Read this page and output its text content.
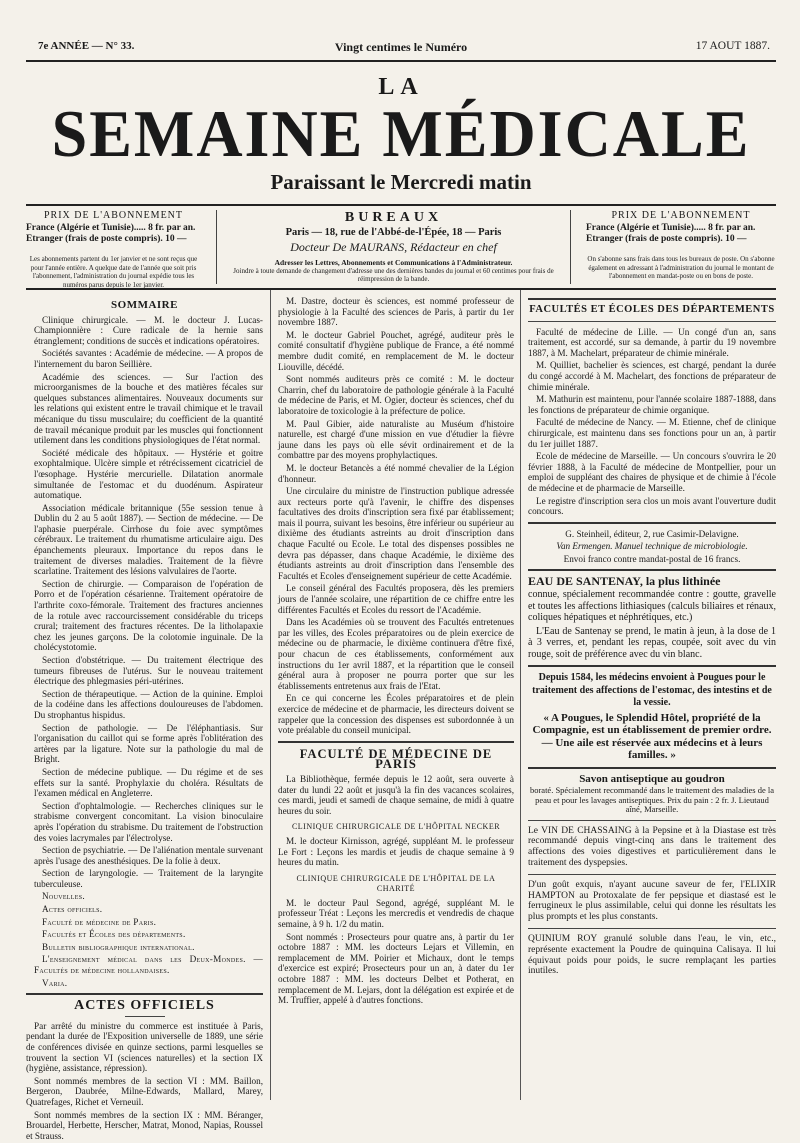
7e ANNÉE — N° 33.	Vingt centimes le Numéro	17 AOUT 1887.
LA
SEMAINE MÉDICALE
Paraissant le Mercredi matin
PRIX DE L'ABONNEMENT
France (Algérie et Tunisie)..... 8 fr. par an.
Etranger (frais de poste compris). 10 —
Les abonnements partent du 1er janvier et ne sont reçus que pour l'année entière. A quelque date de l'année que soit pris l'abonnement, l'administration du journal expédie tous les numéros parus depuis le 1er janvier.
BUREAUX
Paris — 18, rue de l'Abbé-de-l'Épée, 18 — Paris
Docteur De MAURANS, Rédacteur en chef
Adresser les Lettres, Abonnements et Communications à l'Administrateur.
Joindre à toute demande de changement d'adresse une des dernières bandes du journal et 60 centimes pour frais de réimpression de la bande.
PRIX DE L'ABONNEMENT
France (Algérie et Tunisie)..... 8 fr. par an.
Etranger (frais de poste compris). 10 —
On s'abonne sans frais dans tous les bureaux de poste. On s'abonne également en adressant à l'administration du journal le montant de l'abonnement en mandat-poste ou en bons de poste.
SOMMAIRE

Clinique chirurgicale. — M. le docteur J. Lucas-Championnière : Cure radicale de la hernie sans étranglement; conditions de succès et indications opératoires.

Sociétés savantes : Académie de médecine. — A propos de l'internement du baron Seillière.

Académie des sciences. — Sur l'action des microorganismes de la bouche et des matières fécales sur quelques substances alimentaires. Nouveaux documents sur les relations qui existent entre le travail chimique et le travail mécanique du tissu musculaire; du coefficient de la quantité de travail mécanique produit par les muscles qui fonctionnent utilement dans les conditions physiologiques de l'état normal.

Société médicale des hôpitaux. — Hystérie et goitre exophtalmique. Ulcère simple et rétrécissement cicatriciel de l'œsophage. Hystérie mercurielle. Dilatation anormale simultanée de l'estomac et du duodénum. Aspirateur automatique.

Association médicale britannique (55e session tenue à Dublin du 2 au 5 août 1887). — Section de médecine. — De l'aphasie puerpérale. Cirrhose du foie avec symptômes cérébraux. Le traitement du rhumatisme articulaire aigu. Des épanchements pleuraux. Importance du repos dans le traitement de diverses maladies. Traitement de la fièvre scarlatine. Traitement des lésions valvulaires de l'aorte.

Section de chirurgie. — Comparaison de l'opération de Porro et de l'opération césarienne. Traitement opératoire de l'arthrite coxo-fémorale. Traitement des fractures anciennes de la rotule avec raccourcissement considérable du triceps crural; traitement des fractures récentes. De la litholapaxie chez les jeunes garçons. De la colotomie inguinale. De la cholécystotomie.

Section d'obstétrique. — Du traitement électrique des tumeurs fibreuses de l'utérus. Sur le nouveau traitement électrique des phlegmasies péri-utérines.

Section de thérapeutique. — Action de la quinine. Emploi de la codéine dans les affections douloureuses de l'abdomen. Du strophantus hispidus.

Section de pathologie. — De l'éléphantiasis. Sur l'organisation du caillot qui se forme après l'oblitération des artères par la ligature. Note sur la pathologie du mal de Bright.

Section de médecine publique. — Du régime et de ses effets sur la santé. Prophylaxie du choléra. Résultats de l'examen médical en Angleterre.

Section d'ophtalmologie. — Recherches cliniques sur le strabisme convergent concomitant. La vision binoculaire après l'opération du strabisme. Du traitement de l'obstruction des voies lacrymales par l'électrolyse.

Section de psychiatrie. — De l'aliénation mentale survenant après l'usage des anesthésiques. De la folie à deux.

Section de laryngologie. — Traitement de la laryngite tuberculeuse.

Nouvelles.

Actes officiels.

Faculté de médecine de Paris.

Facultés et Écoles des départements.

Bulletin bibliographique international.

L'enseignement médical dans les Deux-Mondes. — Facultés de médecine hollandaises.

Varia.

ACTES OFFICIELS

Par arrêté du ministre du commerce est instituée à Paris, pendant la durée de l'Exposition universelle de 1889, une série de conférences divisée en quinze sections, parmi lesquelles se trouvent la section VI (sciences naturelles) et la section IX (hygiène, assistance, répression).

Sont nommés membres de la section VI : MM. Baillon, Bergeron, Daubrée, Milne-Edwards, Mallard, Marey, Quatrefages, Richet et Verneuil.

Sont nommés membres de la section IX : MM. Béranger, Brouardel, Herbette, Herscher, Matrat, Monod, Napias, Roussel et Strauss.

M. Dastre, docteur ès sciences, est nommé professeur de physiologie à la Faculté des sciences de Paris, à partir du 1er novembre 1887.

M. le docteur Gabriel Pouchet, agrégé, auditeur près le comité consultatif d'hygiène publique de France, a été nommé membre dudit comité, en remplacement de M. le docteur Liouville, décédé.

Sont nommés auditeurs près ce comité : M. le docteur Charrin, chef du laboratoire de pathologie générale à la Faculté de médecine de Paris, et M. Ogier, docteur ès sciences, chef du laboratoire de toxicologie à la préfecture de police.

M. Paul Gibier, aide naturaliste au Muséum d'histoire naturelle, est chargé d'une mission en vue d'étudier la fièvre jaune dans les pays où elle sévit ordinairement et de la combattre par des moyens prophylactiques.

M. le docteur Betancès a été nommé chevalier de la Légion d'honneur.

Une circulaire du ministre de l'instruction publique adressée aux recteurs porte qu'à l'avenir, le chiffre des dispenses facultatives des droits d'inscription sera fixé par établissement; mais il pourra, suivant les besoins, être inférieur ou supérieur au dixième des étudiants astreints au droit d'inscription dans chaque Faculté ou Ecole. Le total des dispenses possibles ne devra pas dépasser, dans chaque Académie, le dixième des étudiants astreints au droit d'inscription dans l'ensemble des Facultés et Ecoles d'enseignement supérieur de cette Académie.

Le conseil général des Facultés proposera, dès les premiers jours de l'année scolaire, une répartition de ce chiffre entre les différentes Facultés et Ecoles du ressort de l'Académie.

Dans les Académies où se trouvent des Facultés entretenues par les villes, des Ecoles préparatoires ou de plein exercice de médecine ou de pharmacie, le dixième continuera d'être fixé, pour chacun de ces établissements, conformément aux instructions du 1er avril 1887, et la répartition que le conseil général aura à proposer ne pourra porter que sur les établissements entretenus aux frais de l'Etat.

En ce qui concerne les Écoles préparatoires et de plein exercice de médecine et de pharmacie, les directeurs doivent se rappeler que la concession des dispenses est subordonnée à un vote préalable du conseil municipal.

FACULTÉ DE MÉDECINE DE PARIS

La Bibliothèque, fermée depuis le 12 août, sera ouverte à dater du lundi 22 août et jusqu'à la fin des vacances scolaires, ces mardi, jeudi et samedi de chaque semaine, de midi à quatre heures du soir.

CLINIQUE CHIRURGICALE DE L'HÔPITAL NECKER

M. le docteur Kirnisson, agrégé, suppléant M. le professeur Le Fort : Leçons les mardis et jeudis de chaque semaine à 9 heures du matin.

CLINIQUE CHIRURGICALE DE L'HÔPITAL DE LA CHARITÉ

M. le docteur Paul Segond, agrégé, suppléant M. le professeur Tréat : Leçons les mercredis et vendredis de chaque semaine, à 9 h. 1/2 du matin.

Sont nommés : Prosecteurs pour quatre ans, à partir du 1er octobre 1887 : MM. les docteurs Lejars et Villemin, en remplacement de MM. Poirier et Michaux, dont le temps d'exercice est expiré; Prosecteurs pour un an, à dater du 1er octobre 1887 : MM. les docteurs Delbet et Potherat, en remplacement de M. Lejars, dont la délégation est expirée et de M. Truffier, appelé à d'autres fonctions.

FACULTÉS ET ÉCOLES DES DÉPARTEMENTS

Faculté de médecine de Lille. — Un congé d'un an, sans traitement, est accordé, sur sa demande, à partir du 19 novembre 1887, à M. Machelart, préparateur de chimie minérale.

M. Quilliet, bachelier ès sciences, est chargé, pendant la durée du congé accordé à M. Machelart, des fonctions de préparateur de chimie minérale.

M. Mathurin est maintenu, pour l'année scolaire 1887-1888, dans les fonctions de préparateur de chimie organique.

Faculté de médecine de Nancy. — M. Etienne, chef de clinique chirurgicale, est maintenu dans ses fonctions pour un an, à partir du 1er juillet 1887.

Ecole de médecine de Marseille. — Un concours s'ouvrira le 20 février 1888, à la Faculté de médecine de Montpellier, pour un emploi de suppléant des chaires de physique et de chimie à l'école de médecine et de pharmacie de Marseille.

Le registre d'inscription sera clos un mois avant l'ouverture dudit concours.

G. Steinheil, éditeur, 2, rue Casimir-Delavigne.

Van Ermengen. Manuel technique de microbiologie.

Envoi franco contre mandat-postal de 16 francs.

EAU DE SANTENAY, la plus lithinée

connue, spécialement recommandée contre : goutte, gravelle et toutes les affections lithiasiques (calculs biliaires et rénaux, coliques hépatiques et néphrétiques, etc.)

L'Eau de Santenay se prend, le matin à jeun, à la dose de 1 à 3 verres, et, pendant les repas, coupée, soit avec du vin rouge, soit de préférence avec du vin blanc.

Depuis 1584, les médecins envoient à Pougues pour le traitement des affections de l'estomac, des intestins et de la vessie.

« A Pougues, le Splendid Hôtel, propriété de la Compagnie, est un établissement de premier ordre. — Une aile est réservée aux médecins et à leurs familles. »

Savon antiseptique au goudron

boraté. Spécialement recommandé dans le traitement des maladies de la peau et pour les lavages antiseptiques. Prix du pain : 2 fr. J. Lieutaud aîné, Marseille.

Le VIN DE CHASSAING à la Pepsine et à la Diastase est très recommandé depuis vingt-cinq ans dans le traitement des affections des voies digestives et particulièrement dans le traitement des dyspepsies.

D'un goût exquis, n'ayant aucune saveur de fer, l'ELIXIR HAMPTON au Protoxalate de fer pepsique et diastasé est le ferrugineux le plus assimilable, celui qui donne les résultats les plus prompts et les plus constants.

QUINIUM ROY granulé soluble dans l'eau, le vin, etc., représente exactement la Poudre de quinquina Calisaya. Il lui équivaut poids pour poids, le sucre remplaçant les parties inutiles.
